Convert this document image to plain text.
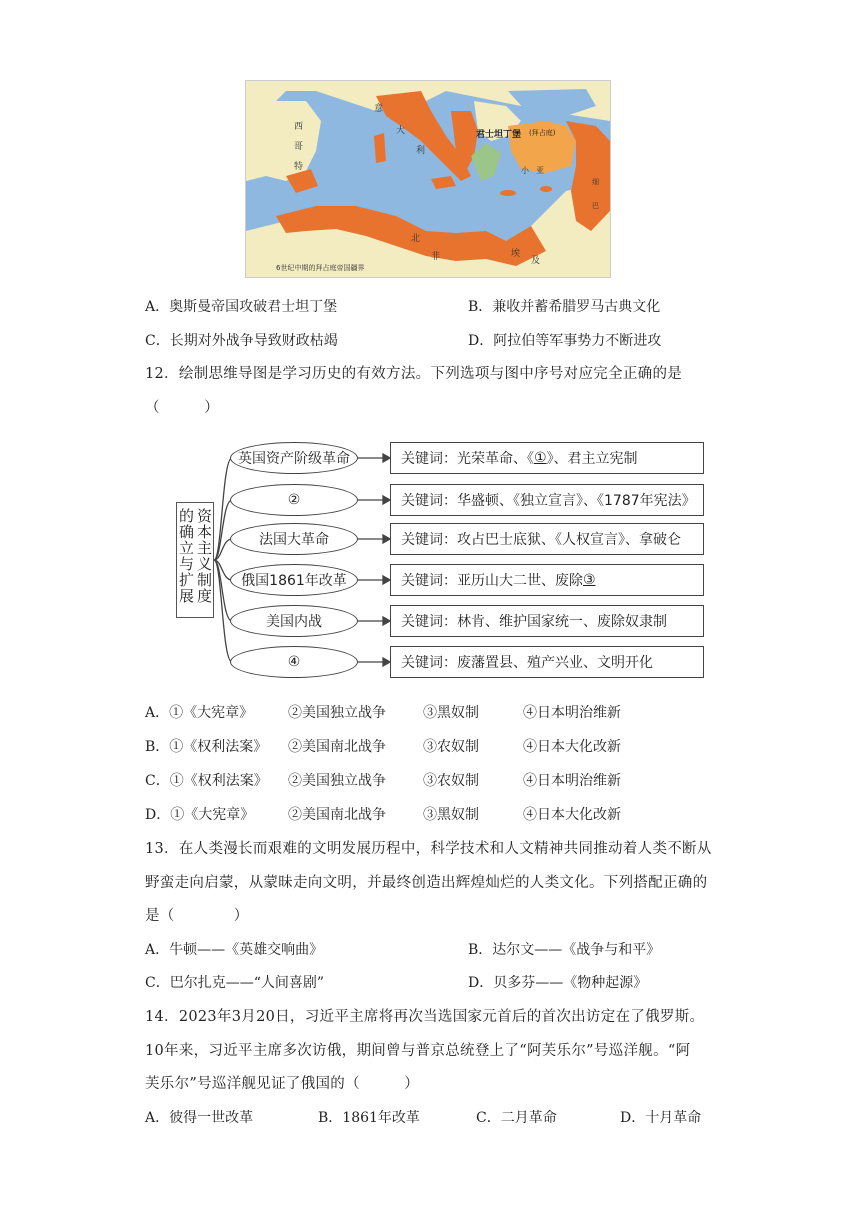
6世纪中期的拜占庭帝国疆界
君士坦丁堡 (拜占庭)
西
哥
特
意
大
利
小 亚
北
非	埃
及
细
巴
A．奥斯曼帝国攻破君士坦丁堡	B．兼收并蓄希腊罗马古典文化
C．长期对外战争导致财政枯竭	D．阿拉伯等军事势力不断进攻
12．绘制思维导图是学习历史的有效方法。下列选项与图中序号对应完全正确的是
（　　　）
资本主义制度的确立与扩展
英国资产阶级革命
②
法国大革命
俄国1861年改革
美国内战
④
关键词：光荣革命、《 ① 》、君主立宪制
关键词：华盛顿、《独立宣言》、《1787年宪法》
关键词：攻占巴士底狱、《人权宣言》、拿破仑
关键词：亚历山大二世、废除 ③
关键词：林肯、维护国家统一、废除奴隶制
关键词：废藩置县、殖产兴业、文明开化
A．①《大宪章》 ②美国独立战争	③黑奴制	④日本明治维新
B．①《权利法案》 ②美国南北战争	③农奴制	④日本大化改新
C．①《权利法案》 ②美国独立战争	③农奴制	④日本明治维新
D．①《大宪章》 ②美国南北战争	③黑奴制	④日本大化改新
13．在人类漫长而艰难的文明发展历程中，科学技术和人文精神共同推动着人类不断从
野蛮走向启蒙，从蒙昧走向文明，并最终创造出辉煌灿烂的人类文化。下列搭配正确的
是（　　　　）
A．牛顿——《英雄交响曲》	B．达尔文——《战争与和平》
C．巴尔扎克——“人间喜剧”	D．贝多芬——《物种起源》
14．2023年3月20日，习近平主席将再次当选国家元首后的首次出访定在了俄罗斯。
10年来，习近平主席多次访俄，期间曾与普京总统登上了“阿芙乐尔”号巡洋舰。“阿
芙乐尔”号巡洋舰见证了俄国的（　　　）
A．彼得一世改革	B．1861年改革	C．二月革命	D．十月革命
